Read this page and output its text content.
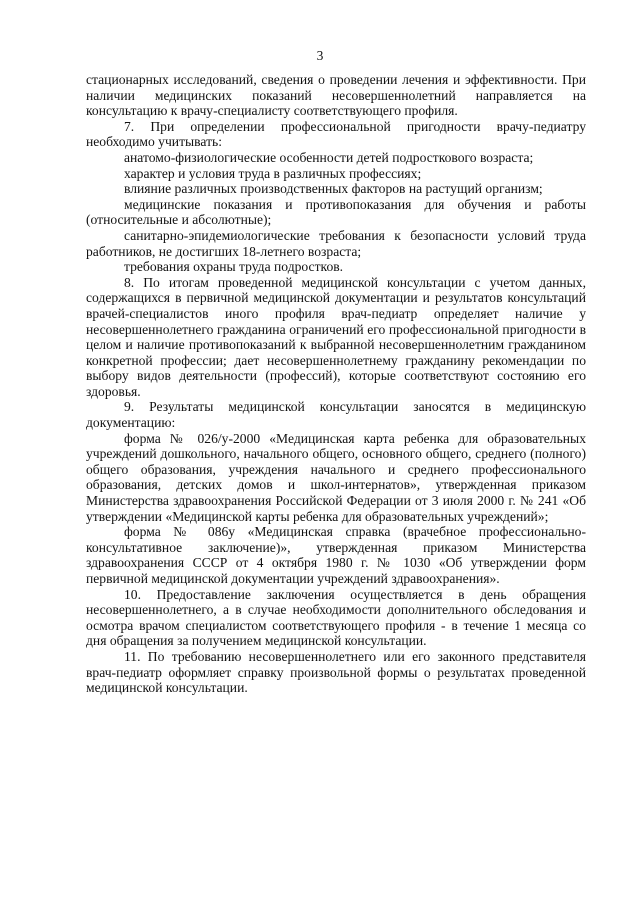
3

стационарных исследований, сведения о проведении лечения и эффективности. При наличии медицинских показаний несовершеннолетний направляется на консультацию к врачу-специалисту соответствующего профиля.

7. При определении профессиональной пригодности врачу-педиатру необходимо учитывать:

анатомо-физиологические особенности детей подросткового возраста;

характер и условия труда в различных профессиях;

влияние различных производственных факторов на растущий организм;

медицинские показания и противопоказания для обучения и работы (относительные и абсолютные);

санитарно-эпидемиологические требования к безопасности условий труда работников, не достигших 18-летнего возраста;

требования охраны труда подростков.

8. По итогам проведенной медицинской консультации с учетом данных, содержащихся в первичной медицинской документации и результатов консультаций врачей-специалистов иного профиля врач-педиатр определяет наличие у несовершеннолетнего гражданина ограничений его профессиональной пригодности в целом и наличие противопоказаний к выбранной несовершеннолетним гражданином конкретной профессии; дает несовершеннолетнему гражданину рекомендации по выбору видов деятельности (профессий), которые соответствуют состоянию его здоровья.

9. Результаты медицинской консультации заносятся в медицинскую документацию:

форма № 026/у-2000 «Медицинская карта ребенка для образовательных учреждений дошкольного, начального общего, основного общего, среднего (полного) общего образования, учреждения начального и среднего профессионального образования, детских домов и школ-интернатов», утвержденная приказом Министерства здравоохранения Российской Федерации от 3 июля 2000 г. № 241 «Об утверждении «Медицинской карты ребенка для образовательных учреждений»;

форма № 086у «Медицинская справка (врачебное профессионально-консультативное заключение)», утвержденная приказом Министерства здравоохранения СССР от 4 октября 1980 г. № 1030 «Об утверждении форм первичной медицинской документации учреждений здравоохранения».

10. Предоставление заключения осуществляется в день обращения несовершеннолетнего, а в случае необходимости дополнительного обследования и осмотра врачом специалистом соответствующего профиля - в течение 1 месяца со дня обращения за получением медицинской консультации.

11. По требованию несовершеннолетнего или его законного представителя врач-педиатр оформляет справку произвольной формы о результатах проведенной медицинской консультации.
